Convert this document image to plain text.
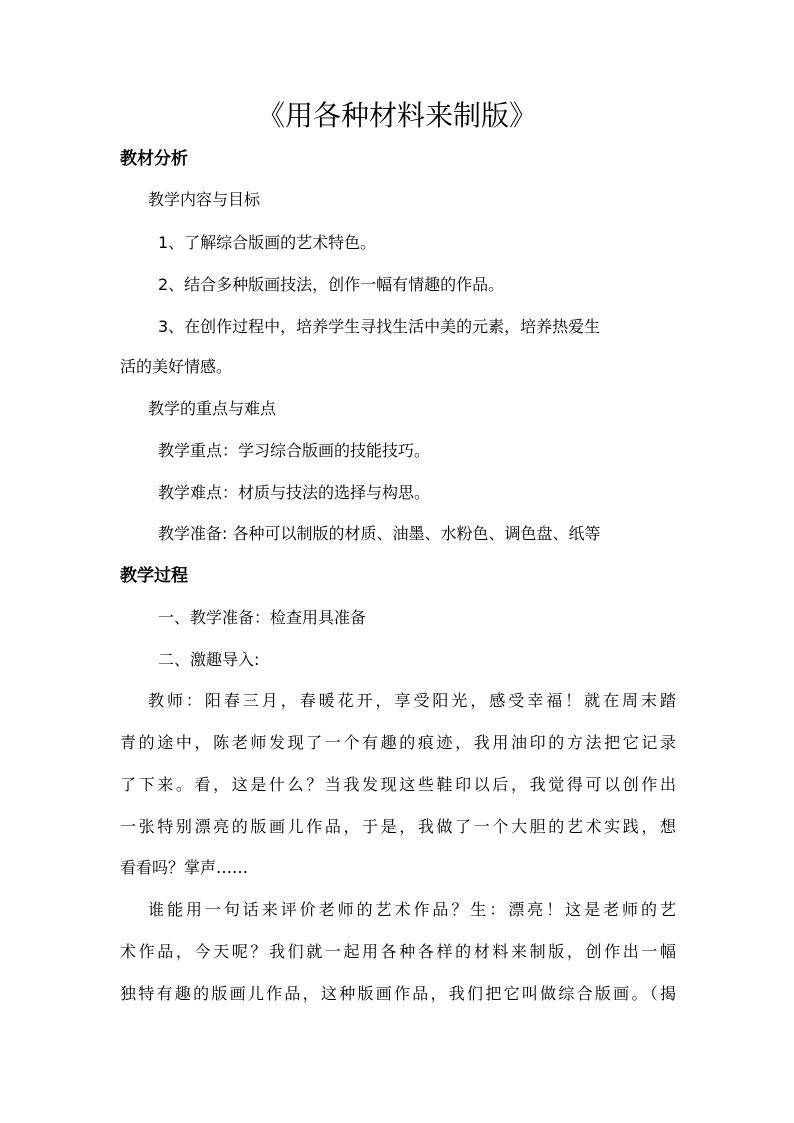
《用各种材料来制版》
教材分析

教学内容与目标

1、了解综合版画的艺术特色。

2、结合多种版画技法，创作一幅有情趣的作品。

3、在创作过程中，培养学生寻找生活中美的元素，培养热爱生

活的美好情感。

教学的重点与难点

教学重点：学习综合版画的技能技巧。

教学难点：材质与技法的选择与构思。

教学准备: 各种可以制版的材质、油墨、水粉色、调色盘、纸等

教学过程

一、教学准备：检查用具准备

二、激趣导入:

教师：阳春三月，春暖花开，享受阳光，感受幸福！就在周末踏

青的途中，陈老师发现了一个有趣的痕迹，我用油印的方法把它记录

了下来。看，这是什么？当我发现这些鞋印以后，我觉得可以创作出

一张特别漂亮的版画儿作品，于是，我做了一个大胆的艺术实践，想

看看吗？掌声……

谁能用一句话来评价老师的艺术作品？生：漂亮！这是老师的艺

术作品，今天呢？我们就一起用各种各样的材料来制版，创作出一幅

独特有趣的版画儿作品，这种版画作品，我们把它叫做综合版画。（揭
